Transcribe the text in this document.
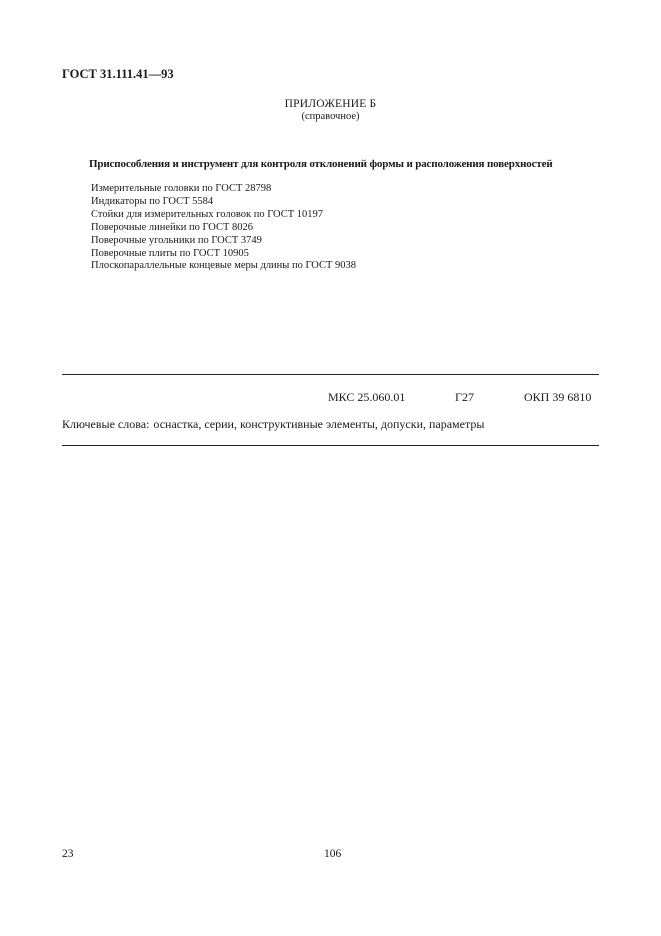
ГОСТ 31.111.41—93
ПРИЛОЖЕНИЕ Б
(справочное)
Приспособления и инструмент для контроля отклонений формы и расположения поверхностей
Измерительные головки по ГОСТ 28798
Индикаторы по ГОСТ 5584
Стойки для измерительных головок по ГОСТ 10197
Поверочные линейки по ГОСТ 8026
Поверочные угольники по ГОСТ 3749
Поверочные плиты по ГОСТ 10905
Плоскопараллельные концевые меры длины по ГОСТ 9038
МКС 25.060.01	Г27	ОКП 39 6810
Ключевые слова: оснастка, серии, конструктивные элементы, допуски, параметры
23	106
